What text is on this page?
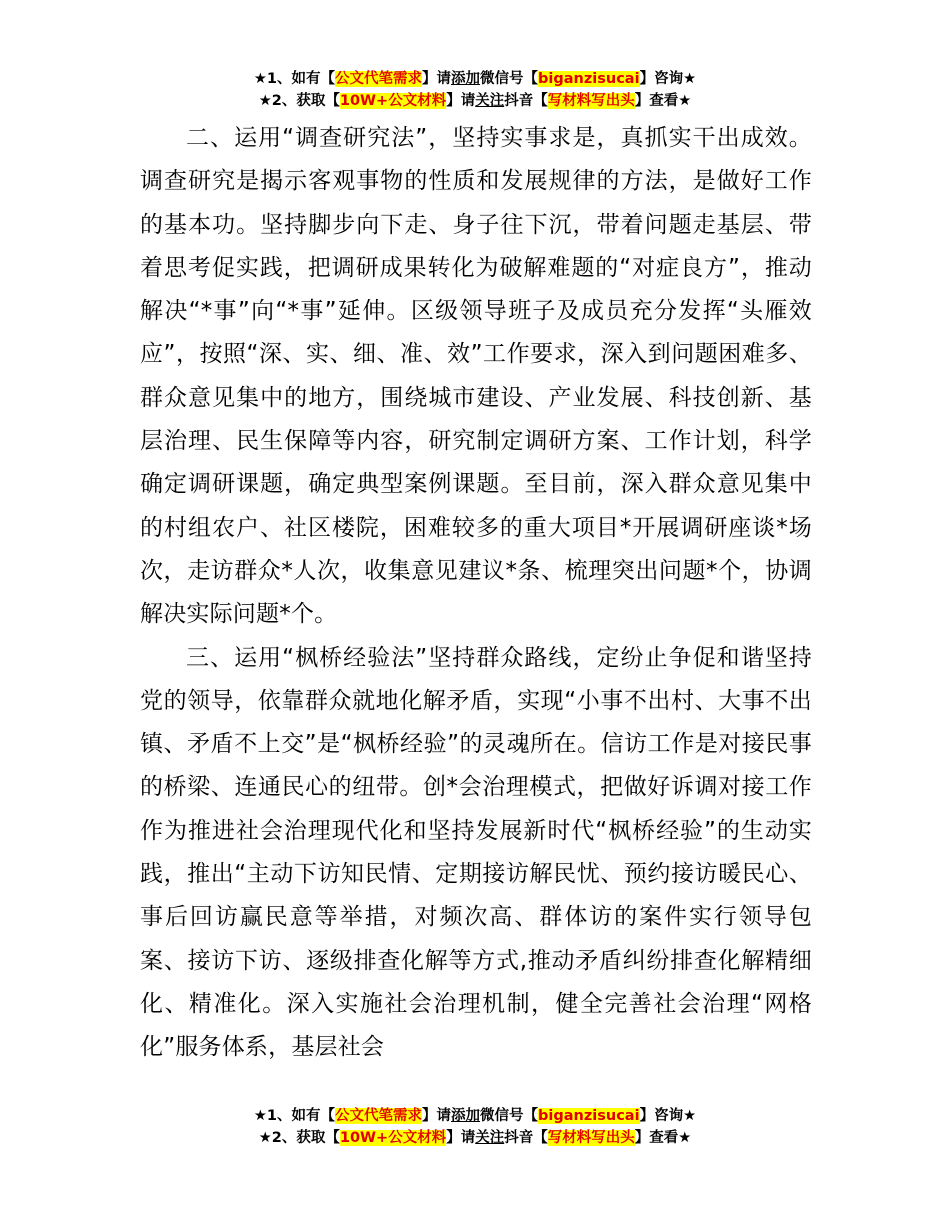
★1、如有【公文代笔需求】请添加微信号【biganzisucai】咨询★
★2、获取【10W+公文材料】请关注抖音【写材料写出头】查看★

二、运用“调查研究法”，坚持实事求是，真抓实干出成效。调查研究是揭示客观事物的性质和发展规律的方法，是做好工作的基本功。坚持脚步向下走、身子往下沉，带着问题走基层、带着思考促实践，把调研成果转化为破解难题的“对症良方”，推动解决“*事”向“*事”延伸。区级领导班子及成员充分发挥“头雁效应”，按照“深、实、细、准、效”工作要求，深入到问题困难多、群众意见集中的地方，围绕城市建设、产业发展、科技创新、基层治理、民生保障等内容，研究制定调研方案、工作计划，科学确定调研课题，确定典型案例课题。至目前，深入群众意见集中的村组农户、社区楼院，困难较多的重大项目*开展调研座谈*场次，走访群众*人次，收集意见建议*条、梳理突出问题*个，协调解决实际问题*个。

三、运用“枫桥经验法”坚持群众路线，定纷止争促和谐坚持党的领导，依靠群众就地化解矛盾，实现“小事不出村、大事不出镇、矛盾不上交”是“枫桥经验”的灵魂所在。信访工作是对接民事的桥梁、连通民心的纽带。创*会治理模式，把做好诉调对接工作作为推进社会治理现代化和坚持发展新时代“枫桥经验”的生动实践，推出“主动下访知民情、定期接访解民忧、预约接访暖民心、事后回访赢民意等举措，对频次高、群体访的案件实行领导包案、接访下访、逐级排查化解等方式,推动矛盾纠纷排查化解精细化、精准化。深入实施社会治理机制，健全完善社会治理“网格化”服务体系，基层社会

★1、如有【公文代笔需求】请添加微信号【biganzisucai】咨询★
★2、获取【10W+公文材料】请关注抖音【写材料写出头】查看★
